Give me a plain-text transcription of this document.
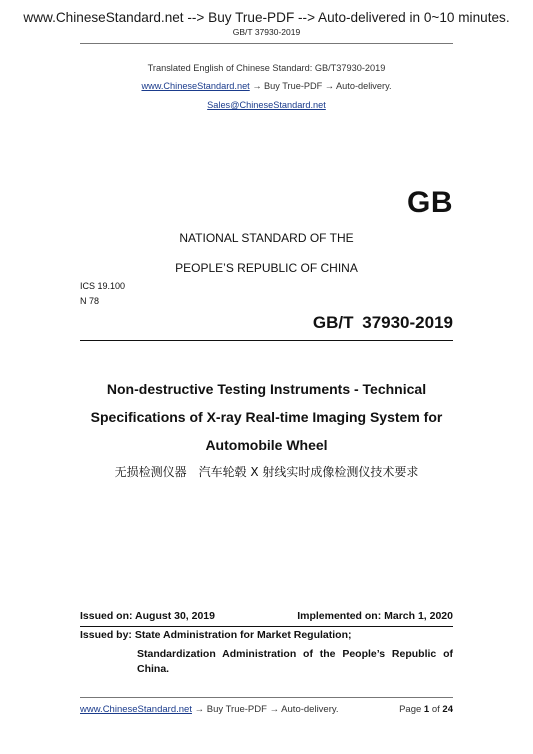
www.ChineseStandard.net --> Buy True-PDF --> Auto-delivered in 0~10 minutes.
GB/T 37930-2019
Translated English of Chinese Standard: GB/T37930-2019
www.ChineseStandard.net → Buy True-PDF → Auto-delivery.
Sales@ChineseStandard.net
GB
NATIONAL STANDARD OF THE
PEOPLE’S REPUBLIC OF CHINA
ICS 19.100
N 78
GB/T 37930-2019
Non-destructive Testing Instruments - Technical
Specifications of X-ray Real-time Imaging System for
Automobile Wheel
无损检测仪器　汽车轮毂 X 射线实时成像检测仪技术要求
Issued on: August 30, 2019	Implemented on: March 1, 2020
Issued by: State Administration for Market Regulation;
Standardization Administration of the People’s Republic of China.
www.ChineseStandard.net → Buy True-PDF → Auto-delivery.	Page 1 of 24
